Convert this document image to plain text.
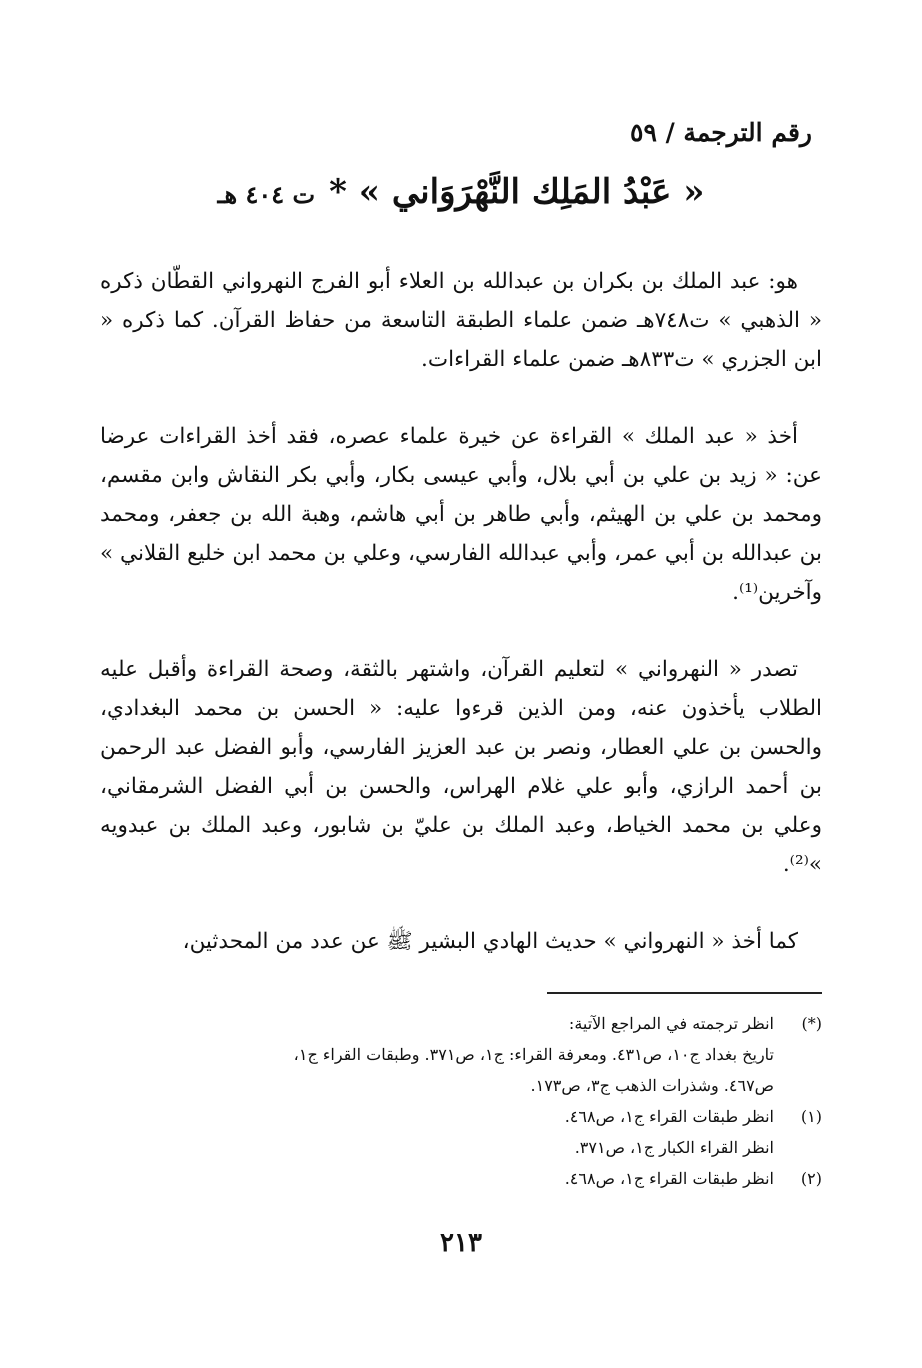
رقم الترجمة / ٥٩
« عَبْدُ المَلِك النَّهْرَوَاني » *ت ٤٠٤ هـ

هو: عبد الملك بن بكران بن عبدالله بن العلاء أبو الفرج النهرواني القطّان ذكره « الذهبي » ت٧٤٨هـ ضمن علماء الطبقة التاسعة من حفاظ القرآن. كما ذكره « ابن الجزري » ت٨٣٣هـ ضمن علماء القراءات.

أخذ « عبد الملك » القراءة عن خيرة علماء عصره، فقد أخذ القراءات عرضا عن: « زيد بن علي بن أبي بلال، وأبي عيسى بكار، وأبي بكر النقاش وابن مقسم، ومحمد بن علي بن الهيثم، وأبي طاهر بن أبي هاشم، وهبة الله بن جعفر، ومحمد بن عبدالله بن أبي عمر، وأبي عبدالله الفارسي، وعلي بن محمد ابن خليع القلاني » وآخرين⁽¹⁾.

تصدر « النهرواني » لتعليم القرآن، واشتهر بالثقة، وصحة القراءة وأقبل عليه الطلاب يأخذون عنه، ومن الذين قرءوا عليه: « الحسن بن محمد البغدادي، والحسن بن علي العطار، ونصر بن عبد العزيز الفارسي، وأبو الفضل عبد الرحمن بن أحمد الرازي، وأبو علي غلام الهراس، والحسن بن أبي الفضل الشرمقاني، وعلي بن محمد الخياط، وعبد الملك بن عليّ بن شابور، وعبد الملك بن عبدويه »⁽²⁾.

كما أخذ « النهرواني » حديث الهادي البشير ﷺ عن عدد من المحدثين،

(*)
انظر ترجمته في المراجع الآتية:
تاريخ بغداد ج١٠، ص٤٣١. ومعرفة القراء: ج١، ص٣٧١. وطبقات القراء ج١،
ص٤٦٧. وشذرات الذهب ج٣، ص١٧٣.
(١)
انظر طبقات القراء ج١، ص٤٦٨.
انظر القراء الكبار ج١، ص٣٧١.
(٢)
انظر طبقات القراء ج١، ص٤٦٨.
٢١٣
